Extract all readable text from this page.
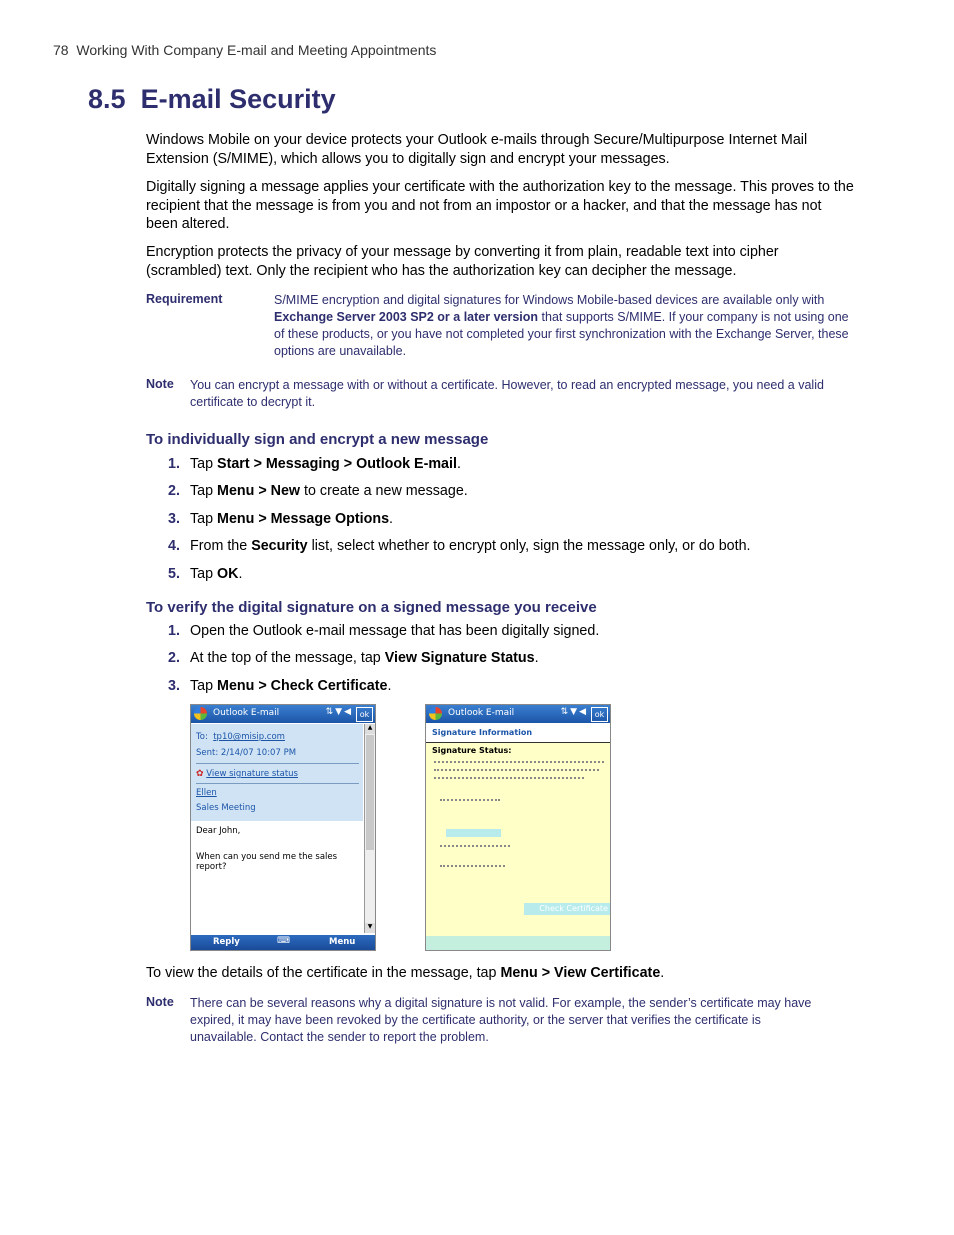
78 Working With Company E-mail and Meeting Appointments
8.5 E-mail Security

Windows Mobile on your device protects your Outlook e-mails through Secure/Multipurpose Internet Mail Extension (S/MIME), which allows you to digitally sign and encrypt your messages.

Digitally signing a message applies your certificate with the authorization key to the message. This proves to the recipient that the message is from you and not from an impostor or a hacker, and that the message has not been altered.

Encryption protects the privacy of your message by converting it from plain, readable text into cipher (scrambled) text. Only the recipient who has the authorization key can decipher the message.

Requirement	S/MIME encryption and digital signatures for Windows Mobile-based devices are available only with Exchange Server 2003 SP2 or a later version that supports S/MIME. If your company is not using one of these products, or you have not completed your first synchronization with the Exchange Server, these options are unavailable.
Note You can encrypt a message with or without a certificate. However, to read an encrypted message, you need a valid certificate to decrypt it.
To individually sign and encrypt a new message
1. Tap Start > Messaging > Outlook E-mail.
2. Tap Menu > New to create a new message.
3. Tap Menu > Message Options.
4. From the Security list, select whether to encrypt only, sign the message only, or do both.
5. Tap OK.
To verify the digital signature on a signed message you receive
1. Open the Outlook e-mail message that has been digitally signed.
2. At the top of the message, tap View Signature Status.
3. Tap Menu > Check Certificate.
Outlook E-mail	⇅▼◀ ok
To: tp10@misip.com
Sent: 2/14/07 10:07 PM
✿ View signature status
Ellen
Sales Meeting
Dear John,
When can you send me the sales
report?
▲
▼
Reply	⌨	Menu
Outlook E-mail	⇅▼◀ ok
Signature Information
Signature Status:
Check Certificate
To view the details of the certificate in the message, tap Menu > View Certificate.
Note There can be several reasons why a digital signature is not valid. For example, the sender’s certificate may have expired, it may have been revoked by the certificate authority, or the server that verifies the certificate is unavailable. Contact the sender to report the problem.
